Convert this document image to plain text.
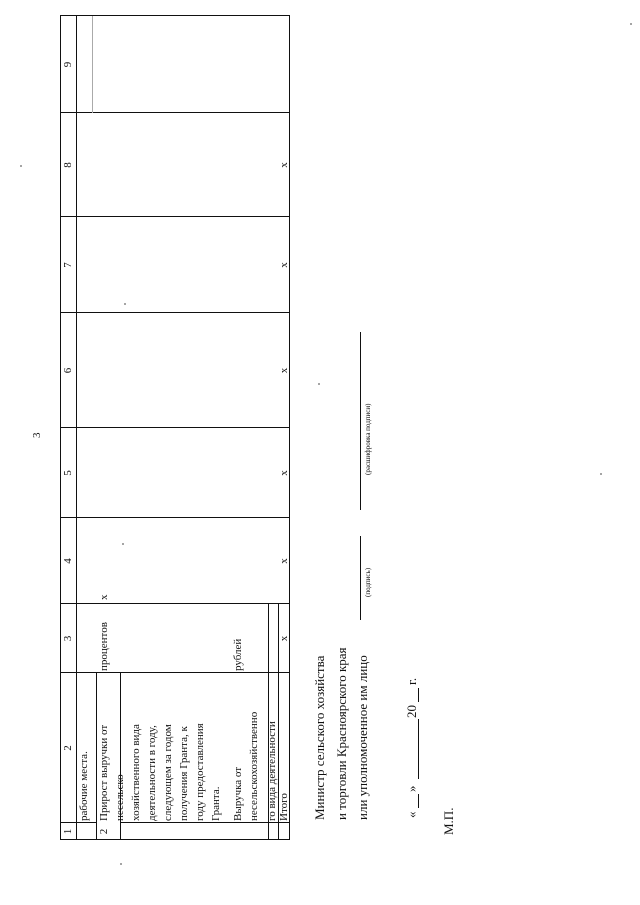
3
1
2
3
4
5
6
7
8
9
рабочие места.
2
Прирост выручки от несельско- хозяйственного вида деятельности в году, следующем за годом получения Гранта, к году предоставления Гранта.
процентов
x
Выручка от несельскохозяйственно го вида деятельности
рублей
Итого
x
x
x
x
x
x
Министр сельского хозяйства и торговли Красноярского края или уполномоченное им лицо
(подпись)
(расшифровка подписи)
«
»
20
г.
М.П.
